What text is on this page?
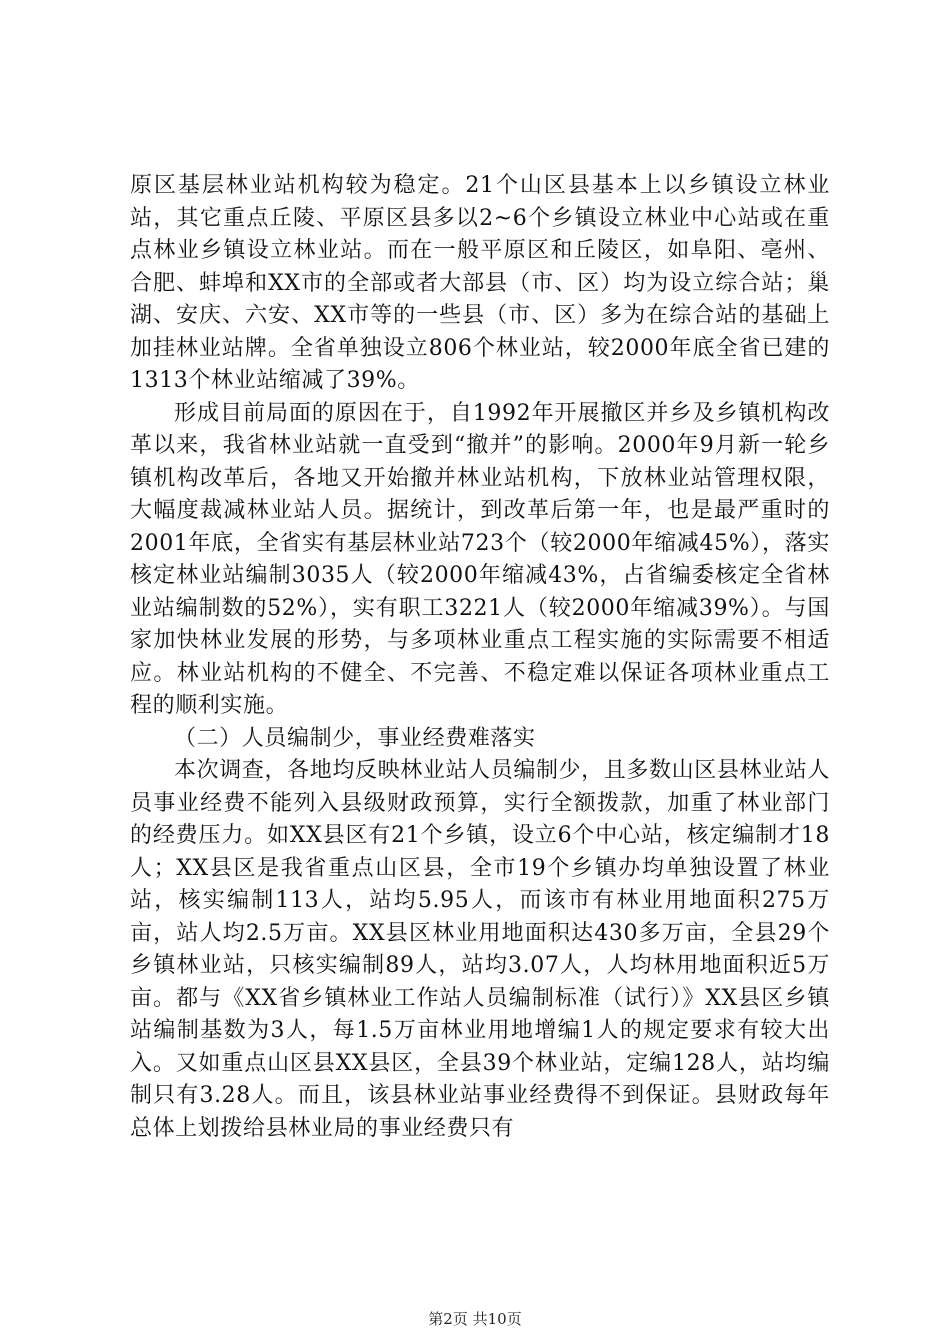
原区基层林业站机构较为稳定。21个山区县基本上以乡镇设立林业站，其它重点丘陵、平原区县多以2~6个乡镇设立林业中心站或在重点林业乡镇设立林业站。而在一般平原区和丘陵区，如阜阳、亳州、合肥、蚌埠和XX市的全部或者大部县（市、区）均为设立综合站；巢湖、安庆、六安、XX市等的一些县（市、区）多为在综合站的基础上加挂林业站牌。全省单独设立806个林业站，较2000年底全省已建的1313个林业站缩减了39%。

形成目前局面的原因在于，自1992年开展撤区并乡及乡镇机构改革以来，我省林业站就一直受到“撤并”的影响。2000年9月新一轮乡镇机构改革后，各地又开始撤并林业站机构，下放林业站管理权限，大幅度裁减林业站人员。据统计，到改革后第一年，也是最严重时的2001年底，全省实有基层林业站723个（较2000年缩减45%），落实核定林业站编制3035人（较2000年缩减43%，占省编委核定全省林业站编制数的52%），实有职工3221人（较2000年缩减39%）。与国家加快林业发展的形势，与多项林业重点工程实施的实际需要不相适应。林业站机构的不健全、不完善、不稳定难以保证各项林业重点工程的顺利实施。

（二）人员编制少，事业经费难落实

本次调查，各地均反映林业站人员编制少，且多数山区县林业站人员事业经费不能列入县级财政预算，实行全额拨款，加重了林业部门的经费压力。如XX县区有21个乡镇，设立6个中心站，核定编制才18人；XX县区是我省重点山区县，全市19个乡镇办均单独设置了林业站，核实编制113人，站均5.95人，而该市有林业用地面积275万亩，站人均2.5万亩。XX县区林业用地面积达430多万亩，全县29个乡镇林业站，只核实编制89人，站均3.07人，人均林用地面积近5万亩。都与《XX省乡镇林业工作站人员编制标准（试行）》XX县区乡镇站编制基数为3人，每1.5万亩林业用地增编1人的规定要求有较大出入。又如重点山区县XX县区，全县39个林业站，定编128人，站均编制只有3.28人。而且，该县林业站事业经费得不到保证。县财政每年总体上划拨给县林业局的事业经费只有

第2页 共10页
